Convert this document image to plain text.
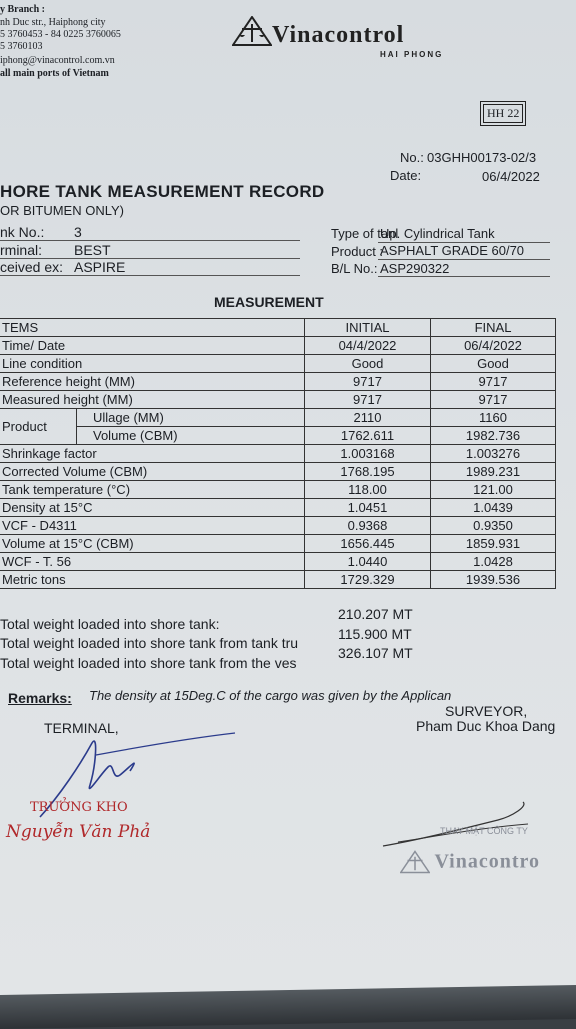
y Branch :
nh Duc str., Haiphong city
5 3760453 - 84 0225 3760065
5 3760103
iphong@vinacontrol.com.vn
all main ports of Vietnam
Vinacontrol
HAI PHONG
HH 22
No.: 03GHH00173-02/3
Date:	06/4/2022
HORE TANK MEASUREMENT RECORD
OR BITUMEN ONLY)
nk No.: 3
rminal: BEST
ceived ex: ASPIRE
Type of tanl
Up. Cylindrical Tank
Product :
ASPHALT GRADE 60/70
B/L No.: ASP290322
MEASUREMENT
TEMS		INITIAL	FINAL
Time/ Date		04/4/2022	06/4/2022
Line condition		Good	Good
Reference height (MM)		9717	9717
Measured height (MM)		9717	9717
Product	Ullage (MM)	2110	1160
	Volume (CBM)	1762.611	1982.736
Shrinkage factor		1.003168	1.003276
Corrected Volume (CBM)		1768.195	1989.231
Tank temperature (°C)		118.00	121.00
Density at 15°C		1.0451	1.0439
VCF - D4311		0.9368	0.9350
Volume at 15°C (CBM)		1656.445	1859.931
WCF - T. 56		1.0440	1.0428
Metric tons		1729.329	1939.536
Total weight loaded into shore tank:
210.207 MT
Total weight loaded into shore tank from tank tru
115.900 MT
Total weight loaded into shore tank from the ves
326.107 MT
Remarks: The density at 15Deg.C of the cargo was given by the Applican
TERMINAL,
SURVEYOR,
Pham Duc Khoa Dang
TRƯỞNG KHO
Nguyễn Văn Phả	THAY MẶT CÔNG TY
Vinacontro
